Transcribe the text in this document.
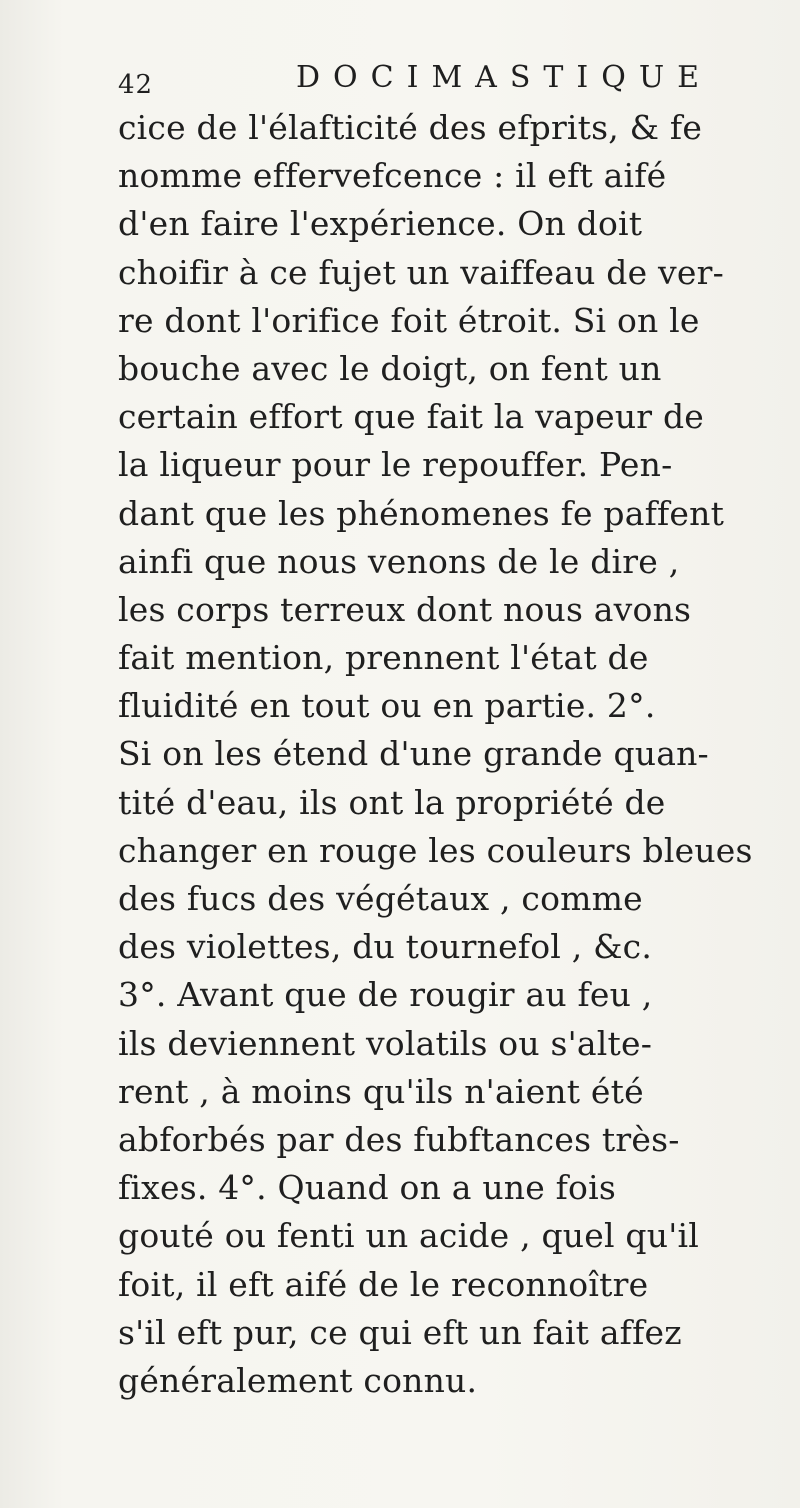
42	DOCIMASTIQUE
cice de l'élafticité des efprits, & fe
nomme effervefcence : il eft aifé
d'en faire l'expérience. On doit
choifir à ce fujet un vaiffeau de ver-
re dont l'orifice foit étroit. Si on le
bouche avec le doigt, on fent un
certain effort que fait la vapeur de
la liqueur pour le repouffer. Pen-
dant que les phénomenes fe paffent
ainfi que nous venons de le dire ,
les corps terreux dont nous avons
fait mention, prennent l'état de
fluidité en tout ou en partie. 2°.
Si on les étend d'une grande quan-
tité d'eau, ils ont la propriété de
changer en rouge les couleurs bleues
des fucs des végétaux , comme
des violettes, du tournefol , &c.
3°. Avant que de rougir au feu ,
ils deviennent volatils ou s'alte-
rent , à moins qu'ils n'aient été
abforbés par des fubftances très-
fixes. 4°. Quand on a une fois
gouté ou fenti un acide , quel qu'il
foit, il eft aifé de le reconnoître
s'il eft pur, ce qui eft un fait affez
généralement connu.
